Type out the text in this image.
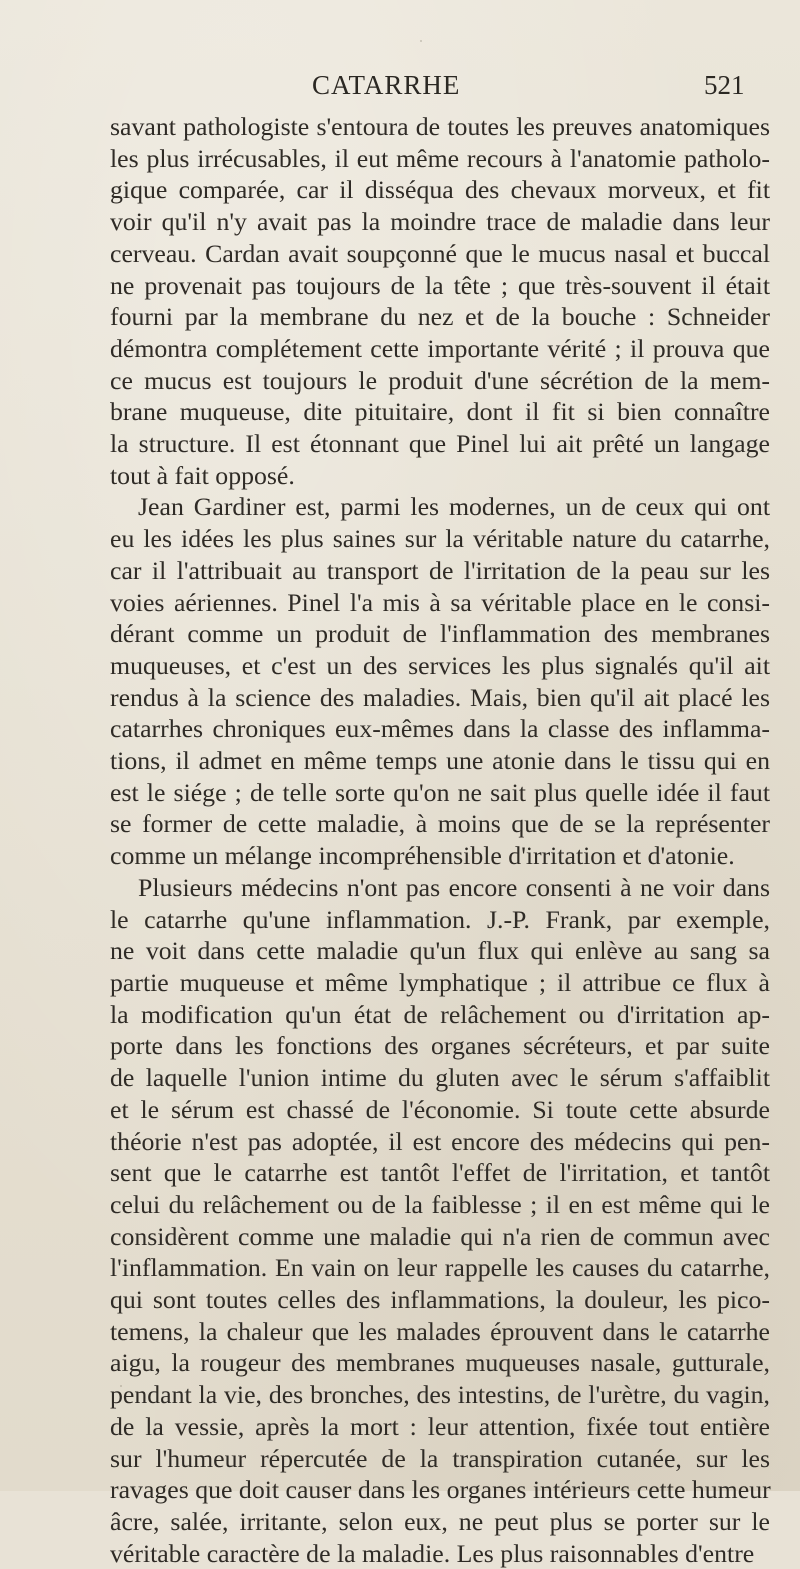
CATARRHE	521
savant pathologiste s'entoura de toutes les preuves anatomiques
les plus irrécusables, il eut même recours à l'anatomie patholo-
gique comparée, car il disséqua des chevaux morveux, et fit
voir qu'il n'y avait pas la moindre trace de maladie dans leur
cerveau. Cardan avait soupçonné que le mucus nasal et buccal
ne provenait pas toujours de la tête ; que très-souvent il était
fourni par la membrane du nez et de la bouche : Schneider
démontra complétement cette importante vérité ; il prouva que
ce mucus est toujours le produit d'une sécrétion de la mem-
brane muqueuse, dite pituitaire, dont il fit si bien connaître
la structure. Il est étonnant que Pinel lui ait prêté un langage
tout à fait opposé.
Jean Gardiner est, parmi les modernes, un de ceux qui ont
eu les idées les plus saines sur la véritable nature du catarrhe,
car il l'attribuait au transport de l'irritation de la peau sur les
voies aériennes. Pinel l'a mis à sa véritable place en le consi-
dérant comme un produit de l'inflammation des membranes
muqueuses, et c'est un des services les plus signalés qu'il ait
rendus à la science des maladies. Mais, bien qu'il ait placé les
catarrhes chroniques eux-mêmes dans la classe des inflamma-
tions, il admet en même temps une atonie dans le tissu qui en
est le siége ; de telle sorte qu'on ne sait plus quelle idée il faut
se former de cette maladie, à moins que de se la représenter
comme un mélange incompréhensible d'irritation et d'atonie.
Plusieurs médecins n'ont pas encore consenti à ne voir dans
le catarrhe qu'une inflammation. J.-P. Frank, par exemple,
ne voit dans cette maladie qu'un flux qui enlève au sang sa
partie muqueuse et même lymphatique ; il attribue ce flux à
la modification qu'un état de relâchement ou d'irritation ap-
porte dans les fonctions des organes sécréteurs, et par suite
de laquelle l'union intime du gluten avec le sérum s'affaiblit
et le sérum est chassé de l'économie. Si toute cette absurde
théorie n'est pas adoptée, il est encore des médecins qui pen-
sent que le catarrhe est tantôt l'effet de l'irritation, et tantôt
celui du relâchement ou de la faiblesse ; il en est même qui le
considèrent comme une maladie qui n'a rien de commun avec
l'inflammation. En vain on leur rappelle les causes du catarrhe,
qui sont toutes celles des inflammations, la douleur, les pico-
temens, la chaleur que les malades éprouvent dans le catarrhe
aigu, la rougeur des membranes muqueuses nasale, gutturale,
pendant la vie, des bronches, des intestins, de l'urètre, du vagin,
de la vessie, après la mort : leur attention, fixée tout entière
sur l'humeur répercutée de la transpiration cutanée, sur les
ravages que doit causer dans les organes intérieurs cette humeur
âcre, salée, irritante, selon eux, ne peut plus se porter sur le
véritable caractère de la maladie. Les plus raisonnables d'entre
